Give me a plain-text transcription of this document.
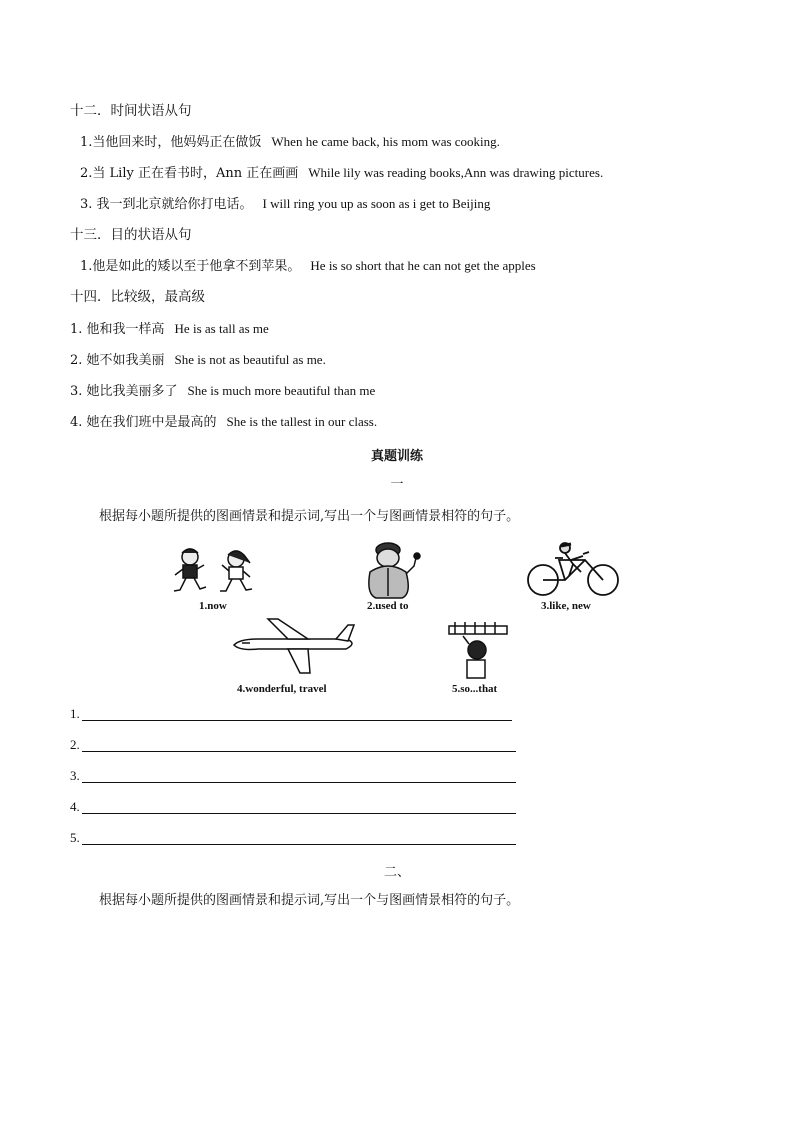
十二．时间状语从句
1.当他回来时，他妈妈正在做饭 When he came back, his mom was cooking.
2.当 Lily 正在看书时，Ann 正在画画 While lily was reading books,Ann was drawing pictures.
3. 我一到北京就给你打电话。 I will ring you up as soon as i get to Beijing
十三．目的状语从句
1.他是如此的矮以至于他拿不到苹果。 He is so short that he can not get the apples
十四．比较级，最高级
1. 他和我一样高 He is as tall as me
2. 她不如我美丽 She is not as beautiful as me.
3. 她比我美丽多了 She is much more beautiful than me
4. 她在我们班中是最高的 She is the tallest in our class.
真题训练
一
根据每小题所提供的图画情景和提示词,写出一个与图画情景相符的句子。
1.now	2.used to	3.like, new
4.wonderful, travel	5.so...that
1.
2.
3.
4.
5.
二、
根据每小题所提供的图画情景和提示词,写出一个与图画情景相符的句子。
